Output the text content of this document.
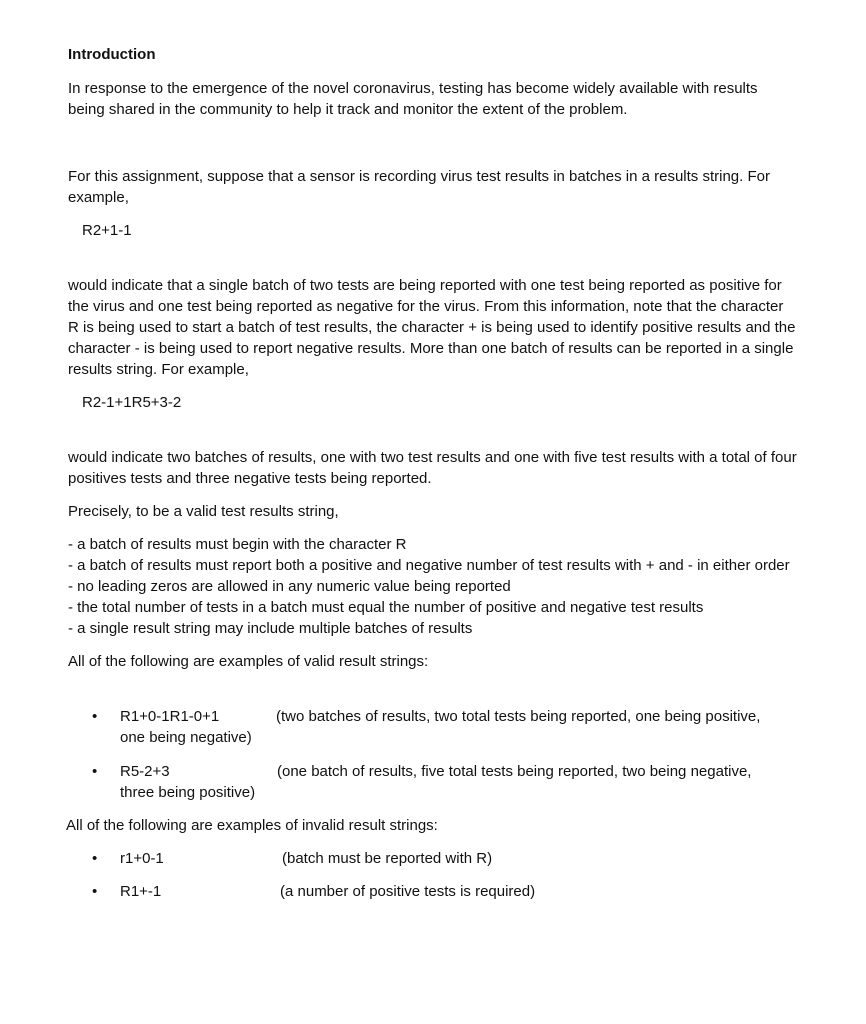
Introduction

In response to the emergence of the novel coronavirus, testing has become widely available with results being shared in the community to help it track and monitor the extent of the problem.

For this assignment, suppose that a sensor is recording virus test results in batches in a results string. For example,

R2+1-1

would indicate that a single batch of two tests are being reported with one test being reported as positive for the virus and one test being reported as negative for the virus. From this information, note that the character R is being used to start a batch of test results, the character + is being used to identify positive results and the character - is being used to report negative results. More than one batch of results can be reported in a single results string. For example,

R2-1+1R5+3-2

would indicate two batches of results, one with two test results and one with five test results with a total of four positives tests and three negative tests being reported.

Precisely, to be a valid test results string,

- a batch of results must begin with the character R
- a batch of results must report both a positive and negative number of test results with + and - in either order
- no leading zeros are allowed in any numeric value being reported
- the total number of tests in a batch must equal the number of positive and negative test results
- a single result string may include multiple batches of results

All of the following are examples of valid result strings:

• R1+0-1R1-0+1	(two batches of results, two total tests being reported, one being positive,
one being negative)
• R5-2+3	(one batch of results, five total tests being reported, two being negative,
three being positive)

All of the following are examples of invalid result strings:

• r1+0-1	(batch must be reported with R)
• R1+-1	(a number of positive tests is required)
